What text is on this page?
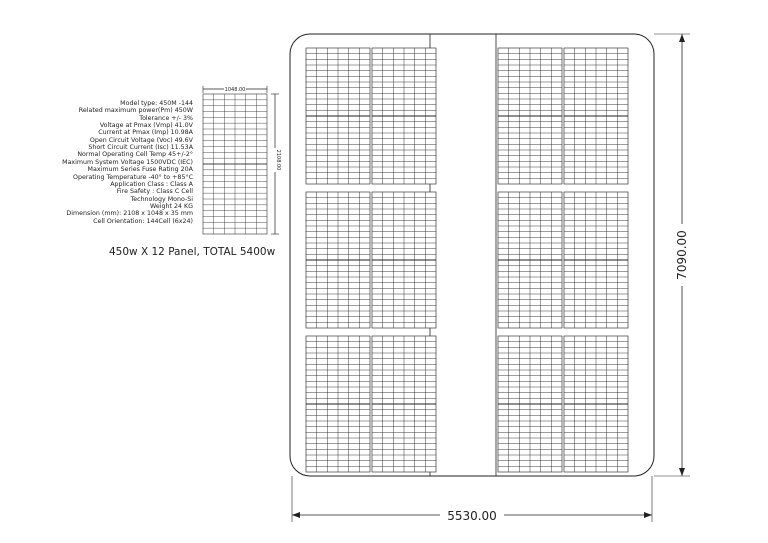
1048.00
2108.00
7090.00
5530.00
Model type: 450M -144
Related maximum power(Pm) 450W
Tolerance +/- 3%
Voltage at Pmax (Vmp) 41.0V
Current at Pmax (Imp) 10.98A
Open Circuit Voltage (Voc) 49.6V
Short Circuit Current (Isc) 11.53A
Normal Operating Cell Temp 45+/-2°
Maximum System Voltage 1500VDC (IEC)
Maximum Series Fuse Rating 20A
Operating Temperature -40° to +85°C
Application Class : Class A
Fire Safety : Class C Cell
Technology Mono-Si
Weight 24 KG
Dimension (mm): 2108 x 1048 x 35 mm
Cell Orientation: 144Cell (6x24)
450w X 12 Panel, TOTAL 5400w
